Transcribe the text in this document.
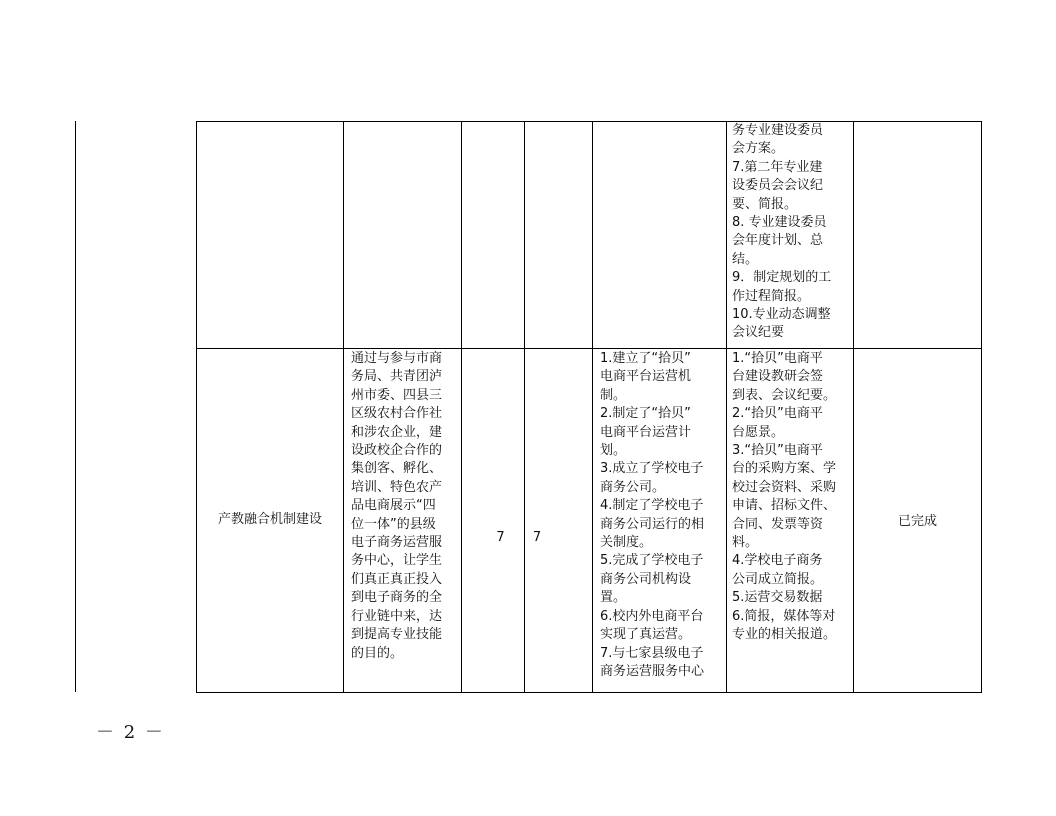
务专业建设委员
会方案。
7.第二年专业建
设委员会会议纪
要、简报。
8. 专业建设委员
会年度计划、总
结。
9．制定规划的工
作过程简报。
10.专业动态调整
会议纪要
产教融合机制建设
通过与参与市商
务局、共青团泸
州市委、四县三
区级农村合作社
和涉农企业，建
设政校企合作的
集创客、孵化、
培训、特色农产
品电商展示“四
位一体”的县级
电子商务运营服
务中心，让学生
们真正真正投入
到电子商务的全
行业链中来，达
到提高专业技能
的目的。
7	7
1.建立了“拾贝”
电商平台运营机
制。
2.制定了“拾贝”
电商平台运营计
划。
3.成立了学校电子
商务公司。
4.制定了学校电子
商务公司运行的相
关制度。
5.完成了学校电子
商务公司机构设
置。
6.校内外电商平台
实现了真运营。
7.与七家县级电子
商务运营服务中心
1.“拾贝”电商平
台建设教研会签
到表、会议纪要。
2.“拾贝”电商平
台愿景。
3.“拾贝”电商平
台的采购方案、学
校过会资料、采购
申请、招标文件、
合同、发票等资
料。
4.学校电子商务
公司成立简报。
5.运营交易数据
6.简报，媒体等对
专业的相关报道。
已完成
－ 2 －
